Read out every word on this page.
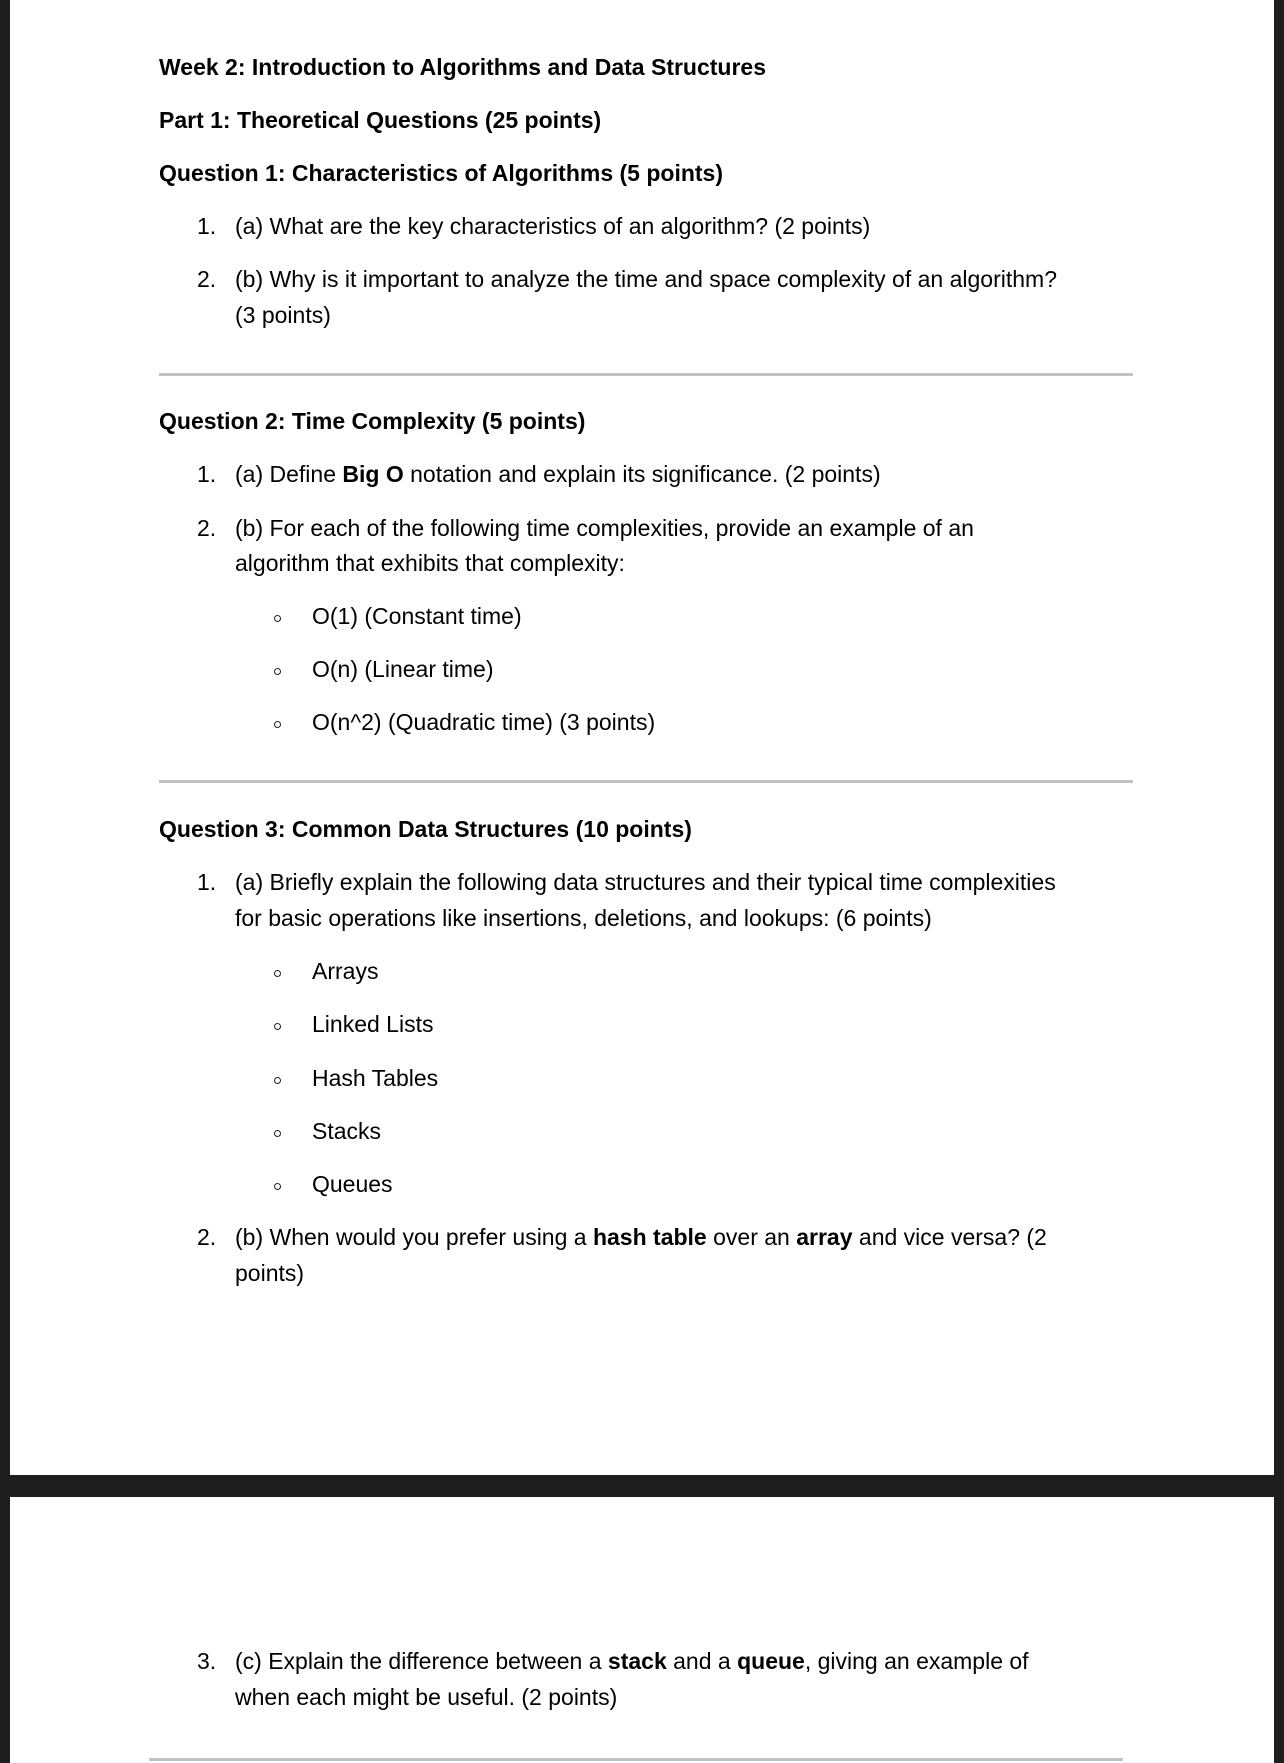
Week 2: Introduction to Algorithms and Data Structures

Part 1: Theoretical Questions (25 points)

Question 1: Characteristics of Algorithms (5 points)

1. (a) What are the key characteristics of an algorithm? (2 points)

2. (b) Why is it important to analyze the time and space complexity of an algorithm?

(3 points)

Question 2: Time Complexity (5 points)

1. (a) Define Big O notation and explain its significance. (2 points)

2. (b) For each of the following time complexities, provide an example of an

algorithm that exhibits that complexity:

O(1) (Constant time)

O(n) (Linear time)

O(n^2) (Quadratic time) (3 points)

Question 3: Common Data Structures (10 points)

1. (a) Briefly explain the following data structures and their typical time complexities

for basic operations like insertions, deletions, and lookups: (6 points)

Arrays

Linked Lists

Hash Tables

Stacks

Queues

2. (b) When would you prefer using a hash table over an array and vice versa? (2

points)

3. (c) Explain the difference between a stack and a queue, giving an example of

when each might be useful. (2 points)
